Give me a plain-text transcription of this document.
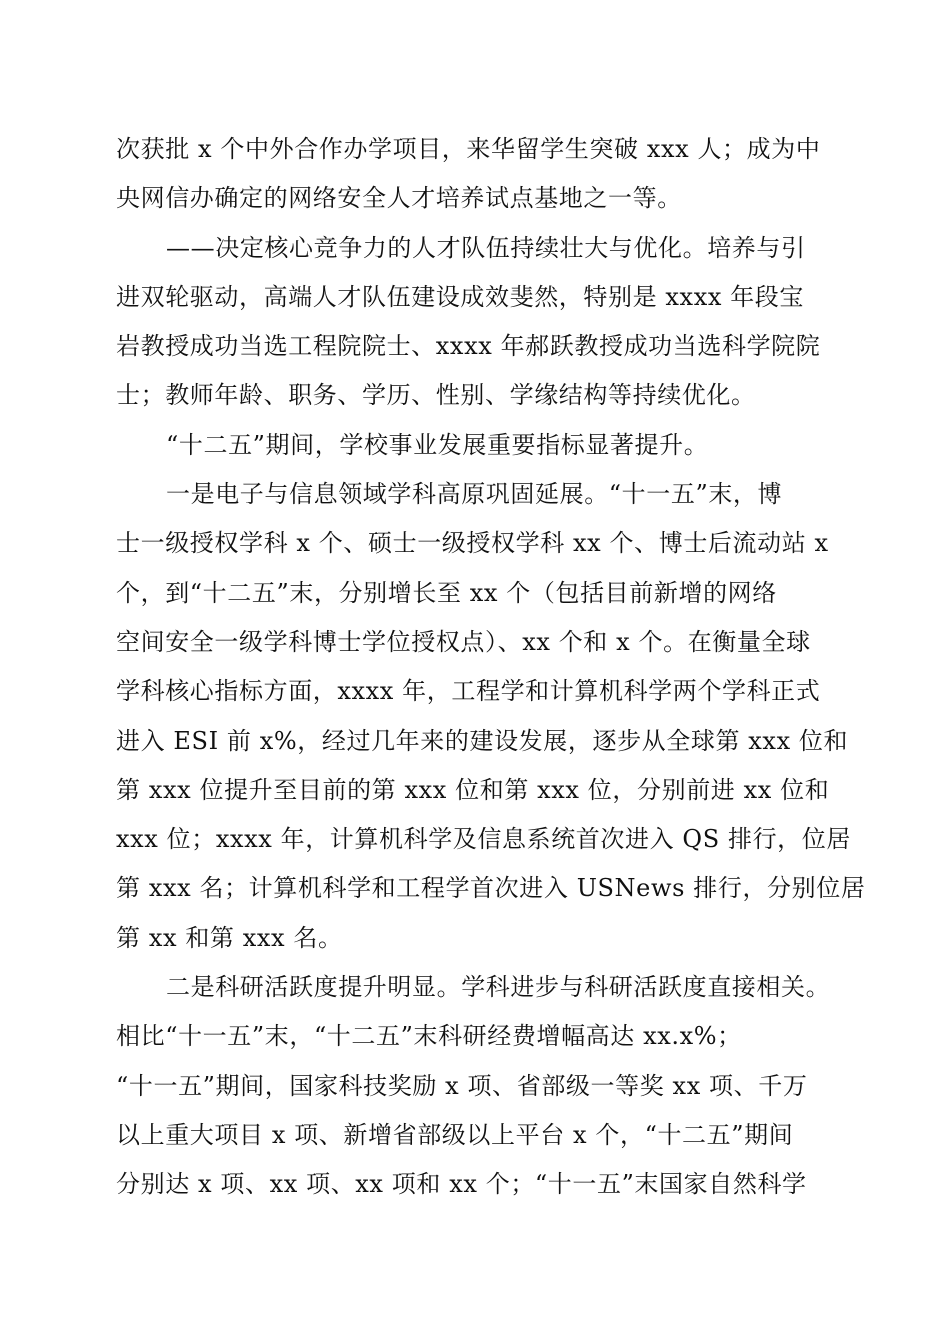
次获批 x 个中外合作办学项目，来华留学生突破 xxx 人；成为中
央网信办确定的网络安全人才培养试点基地之一等。
——决定核心竞争力的人才队伍持续壮大与优化。培养与引
进双轮驱动，高端人才队伍建设成效斐然，特别是 xxxx 年段宝
岩教授成功当选工程院院士、xxxx 年郝跃教授成功当选科学院院
士；教师年龄、职务、学历、性别、学缘结构等持续优化。
“十二五”期间，学校事业发展重要指标显著提升。
一是电子与信息领域学科高原巩固延展。“十一五”末，博
士一级授权学科 x 个、硕士一级授权学科 xx 个、博士后流动站 x
个，到“十二五”末，分别增长至 xx 个（包括目前新增的网络
空间安全一级学科博士学位授权点）、xx 个和 x 个。在衡量全球
学科核心指标方面，xxxx 年，工程学和计算机科学两个学科正式
进入 ESI 前 x%，经过几年来的建设发展，逐步从全球第 xxx 位和
第 xxx 位提升至目前的第 xxx 位和第 xxx 位，分别前进 xx 位和
xxx 位；xxxx 年，计算机科学及信息系统首次进入 QS 排行，位居
第 xxx 名；计算机科学和工程学首次进入 USNews 排行，分别位居
第 xx 和第 xxx 名。
二是科研活跃度提升明显。学科进步与科研活跃度直接相关。
相比“十一五”末，“十二五”末科研经费增幅高达 xx.x%；
“十一五”期间，国家科技奖励 x 项、省部级一等奖 xx 项、千万
以上重大项目 x 项、新增省部级以上平台 x 个，“十二五”期间
分别达 x 项、xx 项、xx 项和 xx 个；“十一五”末国家自然科学
